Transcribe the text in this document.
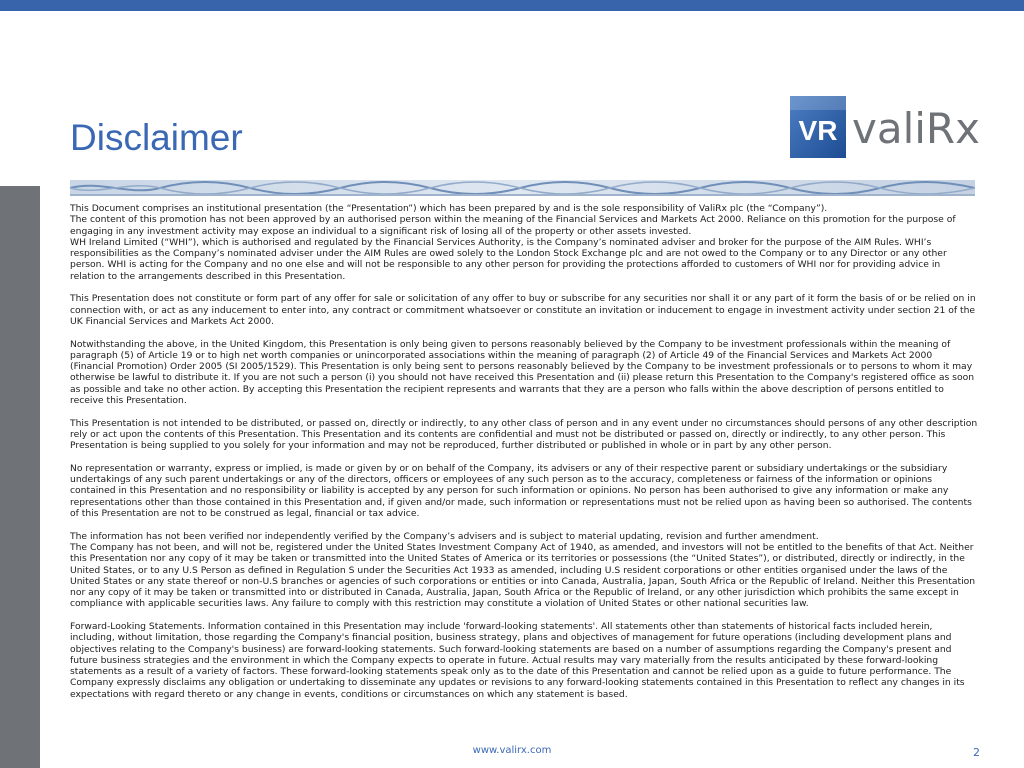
Disclaimer	VR valiRx

This Document comprises an institutional presentation (the “Presentation”) which has been prepared by and is the sole responsibility of ValiRx plc (the “Company”).
The content of this promotion has not been approved by an authorised person within the meaning of the Financial Services and Markets Act 2000. Reliance on this promotion for the purpose of engaging in any investment activity may expose an individual to a significant risk of losing all of the property or other assets invested.
WH Ireland Limited (“WHI”), which is authorised and regulated by the Financial Services Authority, is the Company’s nominated adviser and broker for the purpose of the AIM Rules. WHI’s responsibilities as the Company’s nominated adviser under the AIM Rules are owed solely to the London Stock Exchange plc and are not owed to the Company or to any Director or any other person. WHI is acting for the Company and no one else and will not be responsible to any other person for providing the protections afforded to customers of WHI nor for providing advice in relation to the arrangements described in this Presentation.

This Presentation does not constitute or form part of any offer for sale or solicitation of any offer to buy or subscribe for any securities nor shall it or any part of it form the basis of or be relied on in connection with, or act as any inducement to enter into, any contract or commitment whatsoever or constitute an invitation or inducement to engage in investment activity under section 21 of the UK Financial Services and Markets Act 2000.

Notwithstanding the above, in the United Kingdom, this Presentation is only being given to persons reasonably believed by the Company to be investment professionals within the meaning of paragraph (5) of Article 19 or to high net worth companies or unincorporated associations within the meaning of paragraph (2) of Article 49 of the Financial Services and Markets Act 2000 (Financial Promotion) Order 2005 (SI 2005/1529). This Presentation is only being sent to persons reasonably believed by the Company to be investment professionals or to persons to whom it may otherwise be lawful to distribute it. If you are not such a person (i) you should not have received this Presentation and (ii) please return this Presentation to the Company's registered office as soon as possible and take no other action. By accepting this Presentation the recipient represents and warrants that they are a person who falls within the above description of persons entitled to receive this Presentation.

This Presentation is not intended to be distributed, or passed on, directly or indirectly, to any other class of person and in any event under no circumstances should persons of any other description rely or act upon the contents of this Presentation. This Presentation and its contents are confidential and must not be distributed or passed on, directly or indirectly, to any other person. This Presentation is being supplied to you solely for your information and may not be reproduced, further distributed or published in whole or in part by any other person.

No representation or warranty, express or implied, is made or given by or on behalf of the Company, its advisers or any of their respective parent or subsidiary undertakings or the subsidiary undertakings of any such parent undertakings or any of the directors, officers or employees of any such person as to the accuracy, completeness or fairness of the information or opinions contained in this Presentation and no responsibility or liability is accepted by any person for such information or opinions. No person has been authorised to give any information or make any representations other than those contained in this Presentation and, if given and/or made, such information or representations must not be relied upon as having been so authorised. The contents of this Presentation are not to be construed as legal, financial or tax advice.

The information has not been verified nor independently verified by the Company’s advisers and is subject to material updating, revision and further amendment.
The Company has not been, and will not be, registered under the United States Investment Company Act of 1940, as amended, and investors will not be entitled to the benefits of that Act. Neither this Presentation nor any copy of it may be taken or transmitted into the United States of America or its territories or possessions (the “United States”), or distributed, directly or indirectly, in the United States, or to any U.S Person as defined in Regulation S under the Securities Act 1933 as amended, including U.S resident corporations or other entities organised under the laws of the United States or any state thereof or non-U.S branches or agencies of such corporations or entities or into Canada, Australia, Japan, South Africa or the Republic of Ireland. Neither this Presentation nor any copy of it may be taken or transmitted into or distributed in Canada, Australia, Japan, South Africa or the Republic of Ireland, or any other jurisdiction which prohibits the same except in compliance with applicable securities laws. Any failure to comply with this restriction may constitute a violation of United States or other national securities law.

Forward-Looking Statements. Information contained in this Presentation may include 'forward-looking statements'. All statements other than statements of historical facts included herein, including, without limitation, those regarding the Company's financial position, business strategy, plans and objectives of management for future operations (including development plans and objectives relating to the Company's business) are forward-looking statements. Such forward-looking statements are based on a number of assumptions regarding the Company's present and future business strategies and the environment in which the Company expects to operate in future. Actual results may vary materially from the results anticipated by these forward-looking statements as a result of a variety of factors. These forward-looking statements speak only as to the date of this Presentation and cannot be relied upon as a guide to future performance. The Company expressly disclaims any obligation or undertaking to disseminate any updates or revisions to any forward-looking statements contained in this Presentation to reflect any changes in its expectations with regard thereto or any change in events, conditions or circumstances on which any statement is based.

www.valirx.com	2
